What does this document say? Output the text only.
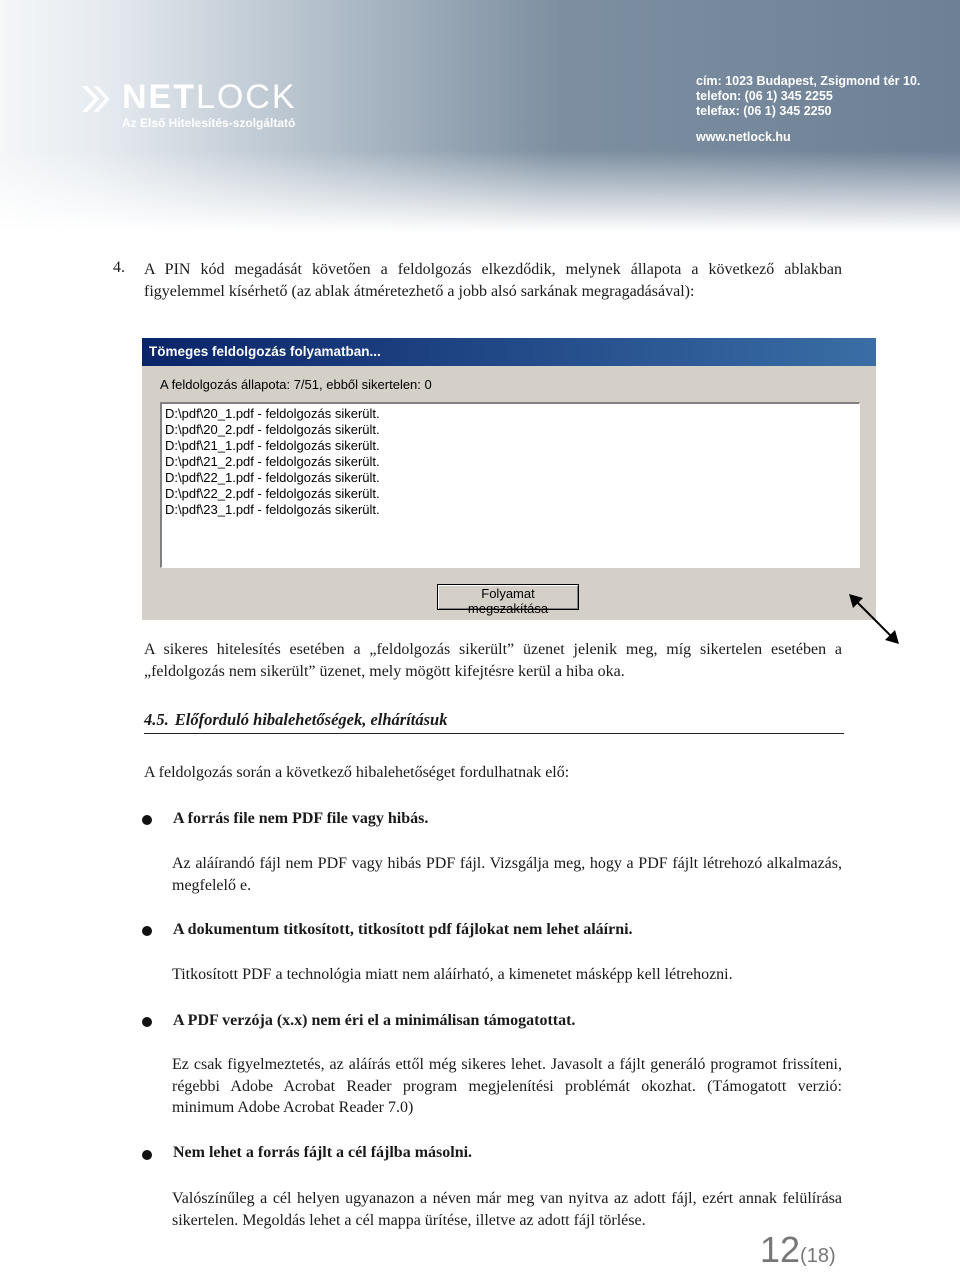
NETLOCK
Az Első Hitelesítés-szolgáltató
cím: 1023 Budapest, Zsigmond tér 10.
telefon: (06 1) 345 2255
telefax: (06 1) 345 2250
www.netlock.hu
4. A PIN kód megadását követően a feldolgozás elkezdődik, melynek állapota a következő ablakban figyelemmel kísérhető (az ablak átméretezhető a jobb alsó sarkának megragadásával):
Tömeges feldolgozás folyamatban...
A feldolgozás állapota: 7/51, ebből sikertelen: 0
D:\pdf\20_1.pdf - feldolgozás sikerült.
D:\pdf\20_2.pdf - feldolgozás sikerült.
D:\pdf\21_1.pdf - feldolgozás sikerült.
D:\pdf\21_2.pdf - feldolgozás sikerült.
D:\pdf\22_1.pdf - feldolgozás sikerült.
D:\pdf\22_2.pdf - feldolgozás sikerült.
D:\pdf\23_1.pdf - feldolgozás sikerült.
Folyamat megszakítása
A sikeres hitelesítés esetében a „feldolgozás sikerült” üzenet jelenik meg, míg sikertelen esetében a „feldolgozás nem sikerült” üzenet, mely mögött kifejtésre kerül a hiba oka.
4.5. Előforduló hibalehetőségek, elhárításuk
A feldolgozás során a következő hibalehetőséget fordulhatnak elő:
A forrás file nem PDF file vagy hibás.
Az aláírandó fájl nem PDF vagy hibás PDF fájl. Vizsgálja meg, hogy a PDF fájlt létrehozó alkalmazás, megfelelő e.
A dokumentum titkosított, titkosított pdf fájlokat nem lehet aláírni.
Titkosított PDF a technológia miatt nem aláírható, a kimenetet másképp kell létrehozni.
A PDF verzója (x.x) nem éri el a minimálisan támogatottat.
Ez csak figyelmeztetés, az aláírás ettől még sikeres lehet. Javasolt a fájlt generáló programot frissíteni, régebbi Adobe Acrobat Reader program megjelenítési problémát okozhat. (Támogatott verzió: minimum Adobe Acrobat Reader 7.0)
Nem lehet a forrás fájlt a cél fájlba másolni.
Valószínűleg a cél helyen ugyanazon a néven már meg van nyitva az adott fájl, ezért annak felülírása sikertelen. Megoldás lehet a cél mappa ürítése, illetve az adott fájl törlése.
12(18)
